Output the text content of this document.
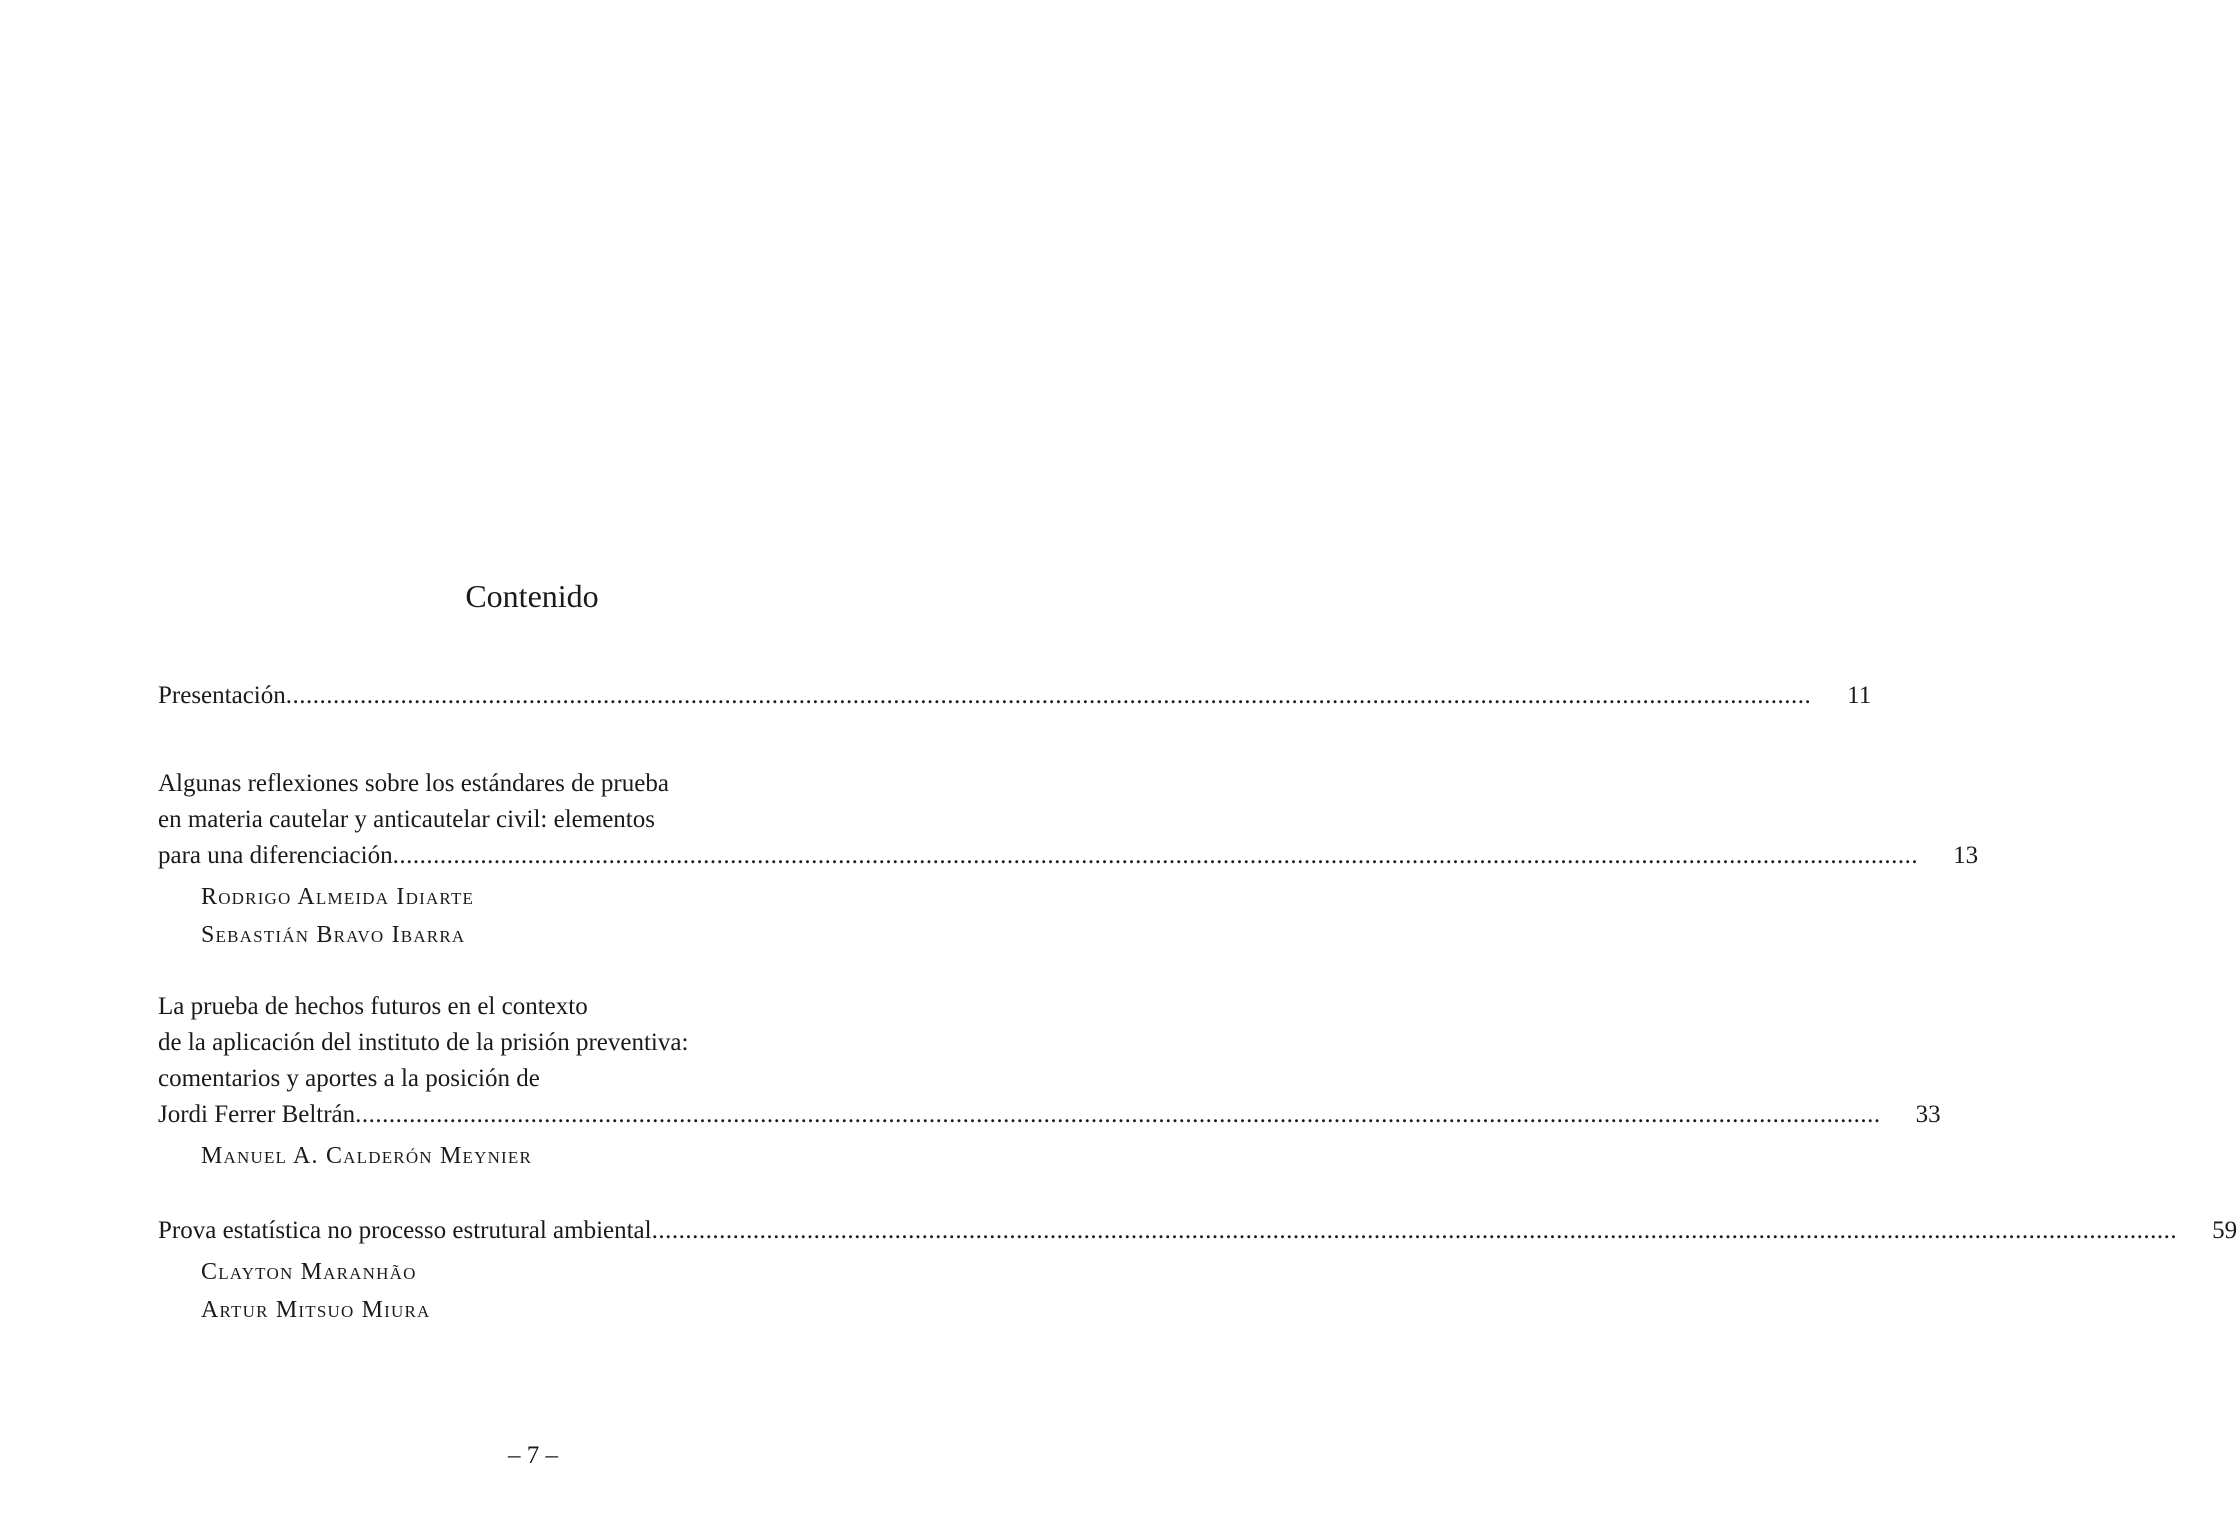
Contenido
Presentación .................................................................................................................................................................................................................................. 11
Algunas reflexiones sobre los estándares de prueba
en materia cautelar y anticautelar civil: elementos
para una diferenciación .................................................................................................................................................................................................................................. 13
Rodrigo Almeida Idiarte
Sebastián Bravo Ibarra
La prueba de hechos futuros en el contexto
de la aplicación del instituto de la prisión preventiva:
comentarios y aportes a la posición de
Jordi Ferrer Beltrán .................................................................................................................................................................................................................................. 33
Manuel A. Calderón Meynier
Prova estatística no processo estrutural ambiental .................................................................................................................................................................................................................................. 59
Clayton Maranhão
Artur Mitsuo Miura
– 7 –
